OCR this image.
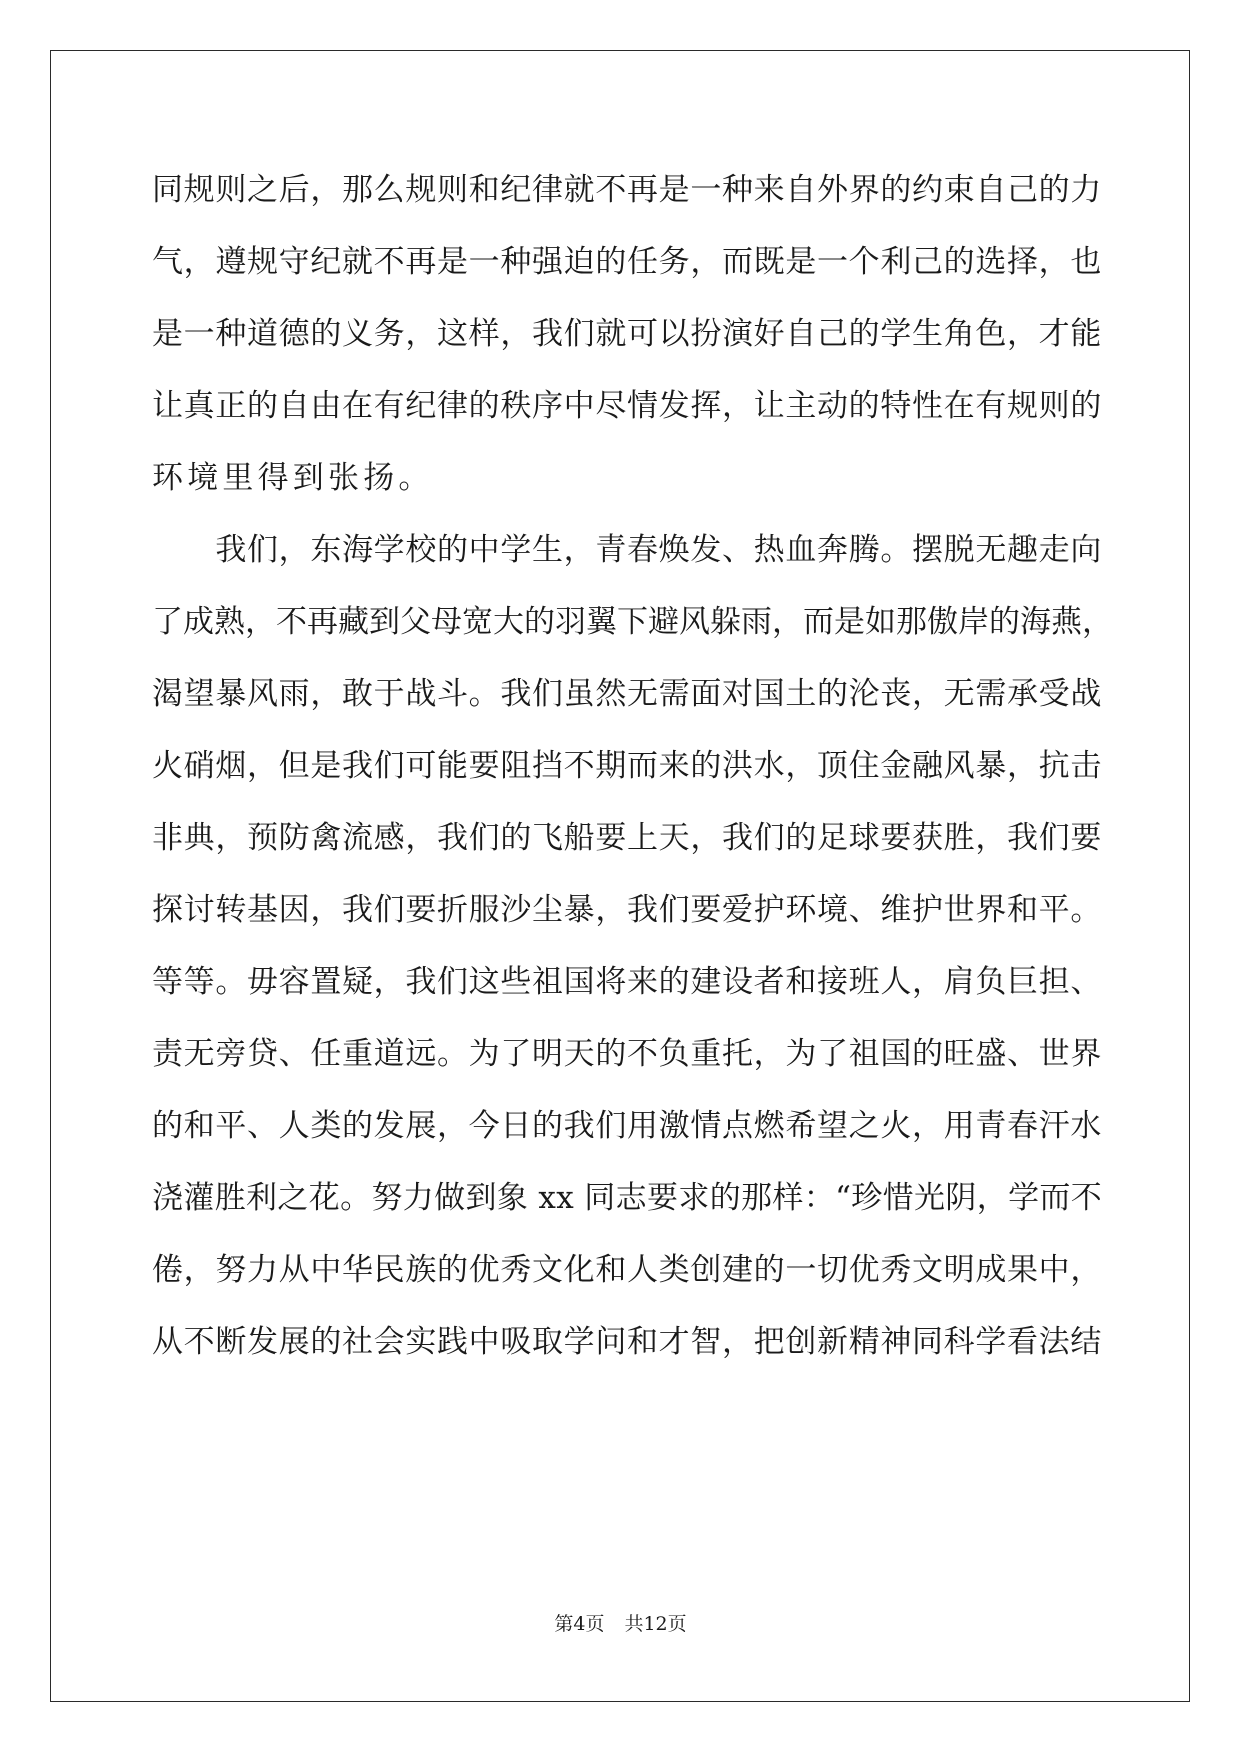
同规则之后，那么规则和纪律就不再是一种来自外界的约束自己的力
气，遵规守纪就不再是一种强迫的任务，而既是一个利己的选择，也
是一种道德的义务，这样，我们就可以扮演好自己的学生角色，才能
让真正的自由在有纪律的秩序中尽情发挥，让主动的特性在有规则的
环境里得到张扬。
　　我们，东海学校的中学生，青春焕发、热血奔腾。摆脱无趣走向
了成熟，不再藏到父母宽大的羽翼下避风躲雨，而是如那傲岸的海燕，
渴望暴风雨，敢于战斗。我们虽然无需面对国土的沦丧，无需承受战
火硝烟，但是我们可能要阻挡不期而来的洪水，顶住金融风暴，抗击
非典，预防禽流感，我们的飞船要上天，我们的足球要获胜，我们要
探讨转基因，我们要折服沙尘暴，我们要爱护环境、维护世界和平。
等等。毋容置疑，我们这些祖国将来的建设者和接班人，肩负巨担、
责无旁贷、任重道远。为了明天的不负重托，为了祖国的旺盛、世界
的和平、人类的发展，今日的我们用激情点燃希望之火，用青春汗水
浇灌胜利之花。努力做到象 xx 同志要求的那样：“珍惜光阴，学而不
倦，努力从中华民族的优秀文化和人类创建的一切优秀文明成果中，
从不断发展的社会实践中吸取学问和才智，把创新精神同科学看法结
第4页 共12页
